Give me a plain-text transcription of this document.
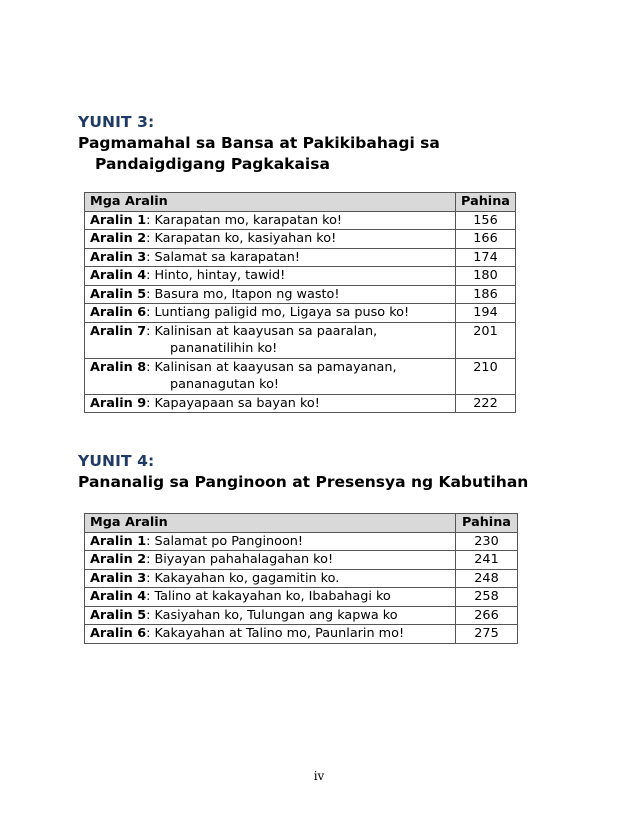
YUNIT 3:
Pagmamahal sa Bansa at Pakikibahagi sa
Pandaigdigang Pagkakaisa
Mga Aralin	Pahina
Aralin 1: Karapatan mo, karapatan ko!	156
Aralin 2: Karapatan ko, kasiyahan ko!	166
Aralin 3: Salamat sa karapatan!	174
Aralin 4: Hinto, hintay, tawid!	180
Aralin 5: Basura mo, Itapon ng wasto!	186
Aralin 6: Luntiang paligid mo, Ligaya sa puso ko!	194
Aralin 7: Kalinisan at kaayusan sa paaralan,
pananatilihin ko!	201
Aralin 8: Kalinisan at kaayusan sa pamayanan,
pananagutan ko!	210
Aralin 9: Kapayapaan sa bayan ko!	222
YUNIT 4:
Pananalig sa Panginoon at Presensya ng Kabutihan
Mga Aralin	Pahina
Aralin 1: Salamat po Panginoon!	230
Aralin 2: Biyayan pahahalagahan ko!	241
Aralin 3: Kakayahan ko, gagamitin ko.	248
Aralin 4: Talino at kakayahan ko, Ibabahagi ko	258
Aralin 5: Kasiyahan ko, Tulungan ang kapwa ko	266
Aralin 6: Kakayahan at Talino mo, Paunlarin mo!	275
iv
